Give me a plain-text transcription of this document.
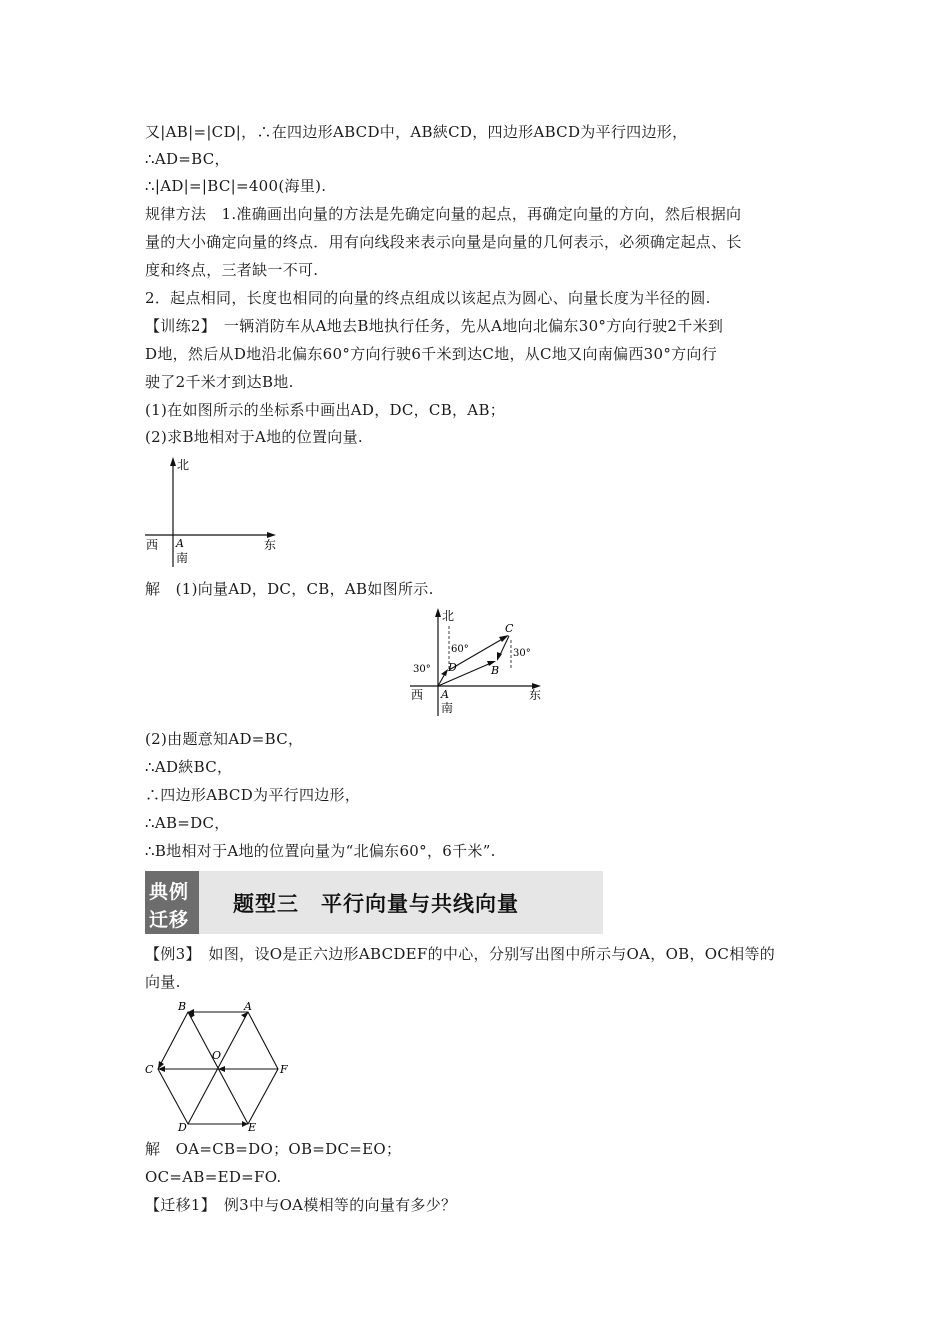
又|AB|=|CD|，∴在四边形ABCD中，AB綊CD，四边形ABCD为平行四边形，
∴AD=BC，
∴|AD|=|BC|=400(海里).
规律方法　1.准确画出向量的方法是先确定向量的起点，再确定向量的方向，然后根据向
量的大小确定向量的终点．用有向线段来表示向量是向量的几何表示，必须确定起点、长
度和终点，三者缺一不可.
2．起点相同，长度也相同的向量的终点组成以该起点为圆心、向量长度为半径的圆.
【训练2】　一辆消防车从A地去B地执行任务，先从A地向北偏东30°方向行驶2千米到
D地，然后从D地沿北偏东60°方向行驶6千米到达C地，从C地又向南偏西30°方向行
驶了2千米才到达B地.
(1)在如图所示的坐标系中画出AD，DC，CB，AB；
(2)求B地相对于A地的位置向量.
北
西	东
A
南
解　(1)向量AD，DC，CB，AB如图所示.
C
D	B
A
60°
30°
30°
北
西	东
南
(2)由题意知AD=BC，
∴AD綊BC，
∴四边形ABCD为平行四边形，
∴AB=DC，
∴B地相对于A地的位置向量为“北偏东60°，6千米”.
典例
迁移
题型三　平行向量与共线向量
【例3】　如图，设O是正六边形ABCDEF的中心，分别写出图中所示与OA，OB，OC相等的
向量.
B	A
C	F
D	E
O
解　OA=CB=DO；OB=DC=EO；
OC=AB=ED=FO.
【迁移1】　例3中与OA模相等的向量有多少？
